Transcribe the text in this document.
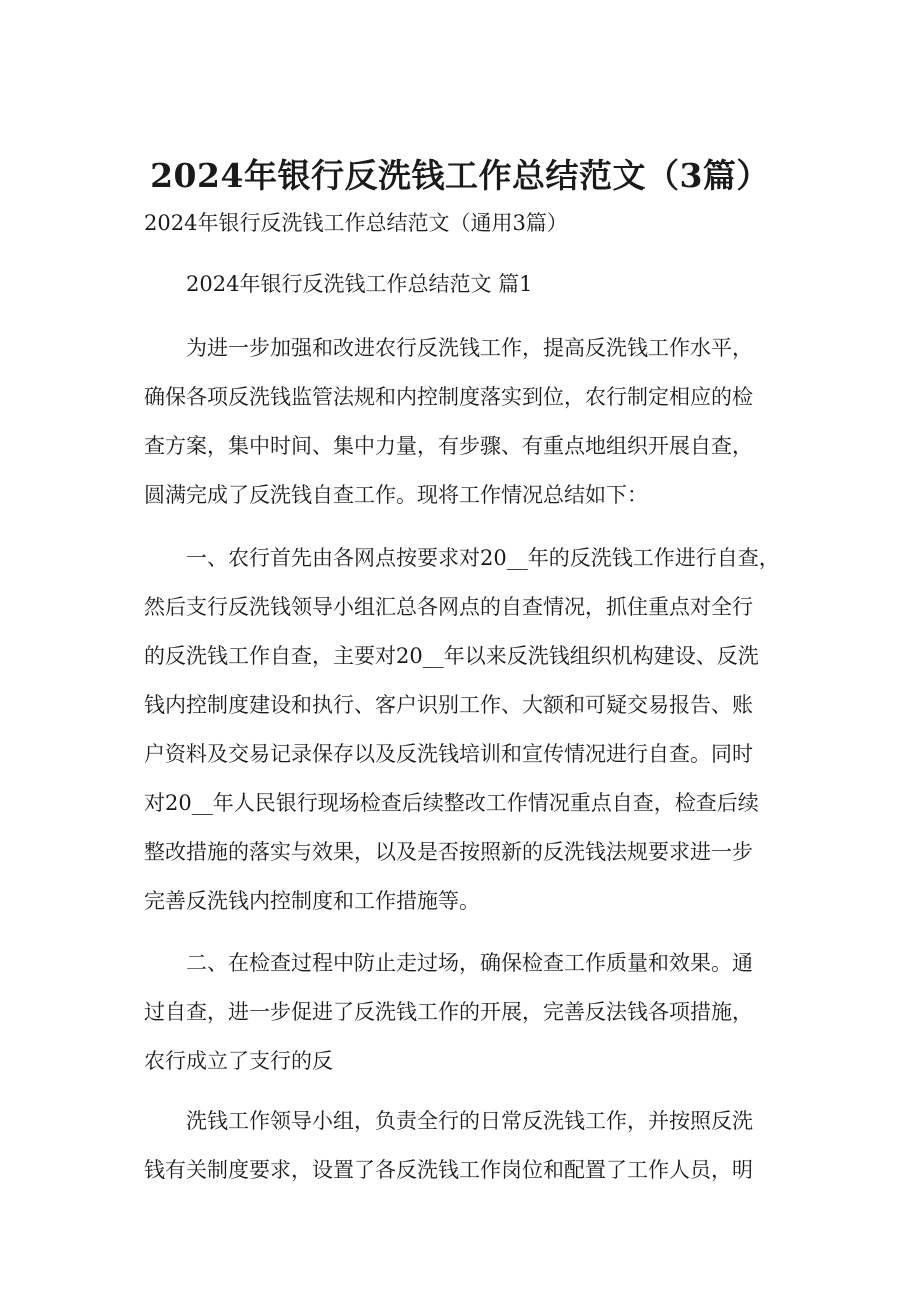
2024年银行反洗钱工作总结范文（3篇）

2024年银行反洗钱工作总结范文（通用3篇）

2024年银行反洗钱工作总结范文 篇1

为进一步加强和改进农行反洗钱工作，提高反洗钱工作水平，

确保各项反洗钱监管法规和内控制度落实到位，农行制定相应的检

查方案，集中时间、集中力量，有步骤、有重点地组织开展自查，

圆满完成了反洗钱自查工作。现将工作情况总结如下：

一、农行首先由各网点按要求对20__年的反洗钱工作进行自查，

然后支行反洗钱领导小组汇总各网点的自查情况，抓住重点对全行

的反洗钱工作自查，主要对20__年以来反洗钱组织机构建设、反洗

钱内控制度建设和执行、客户识别工作、大额和可疑交易报告、账

户资料及交易记录保存以及反洗钱培训和宣传情况进行自查。同时

对20__年人民银行现场检查后续整改工作情况重点自查，检查后续

整改措施的落实与效果，以及是否按照新的反洗钱法规要求进一步

完善反洗钱内控制度和工作措施等。

二、在检查过程中防止走过场，确保检查工作质量和效果。通

过自查，进一步促进了反洗钱工作的开展，完善反法钱各项措施，

农行成立了支行的反

洗钱工作领导小组，负责全行的日常反洗钱工作，并按照反洗

钱有关制度要求，设置了各反洗钱工作岗位和配置了工作人员，明
